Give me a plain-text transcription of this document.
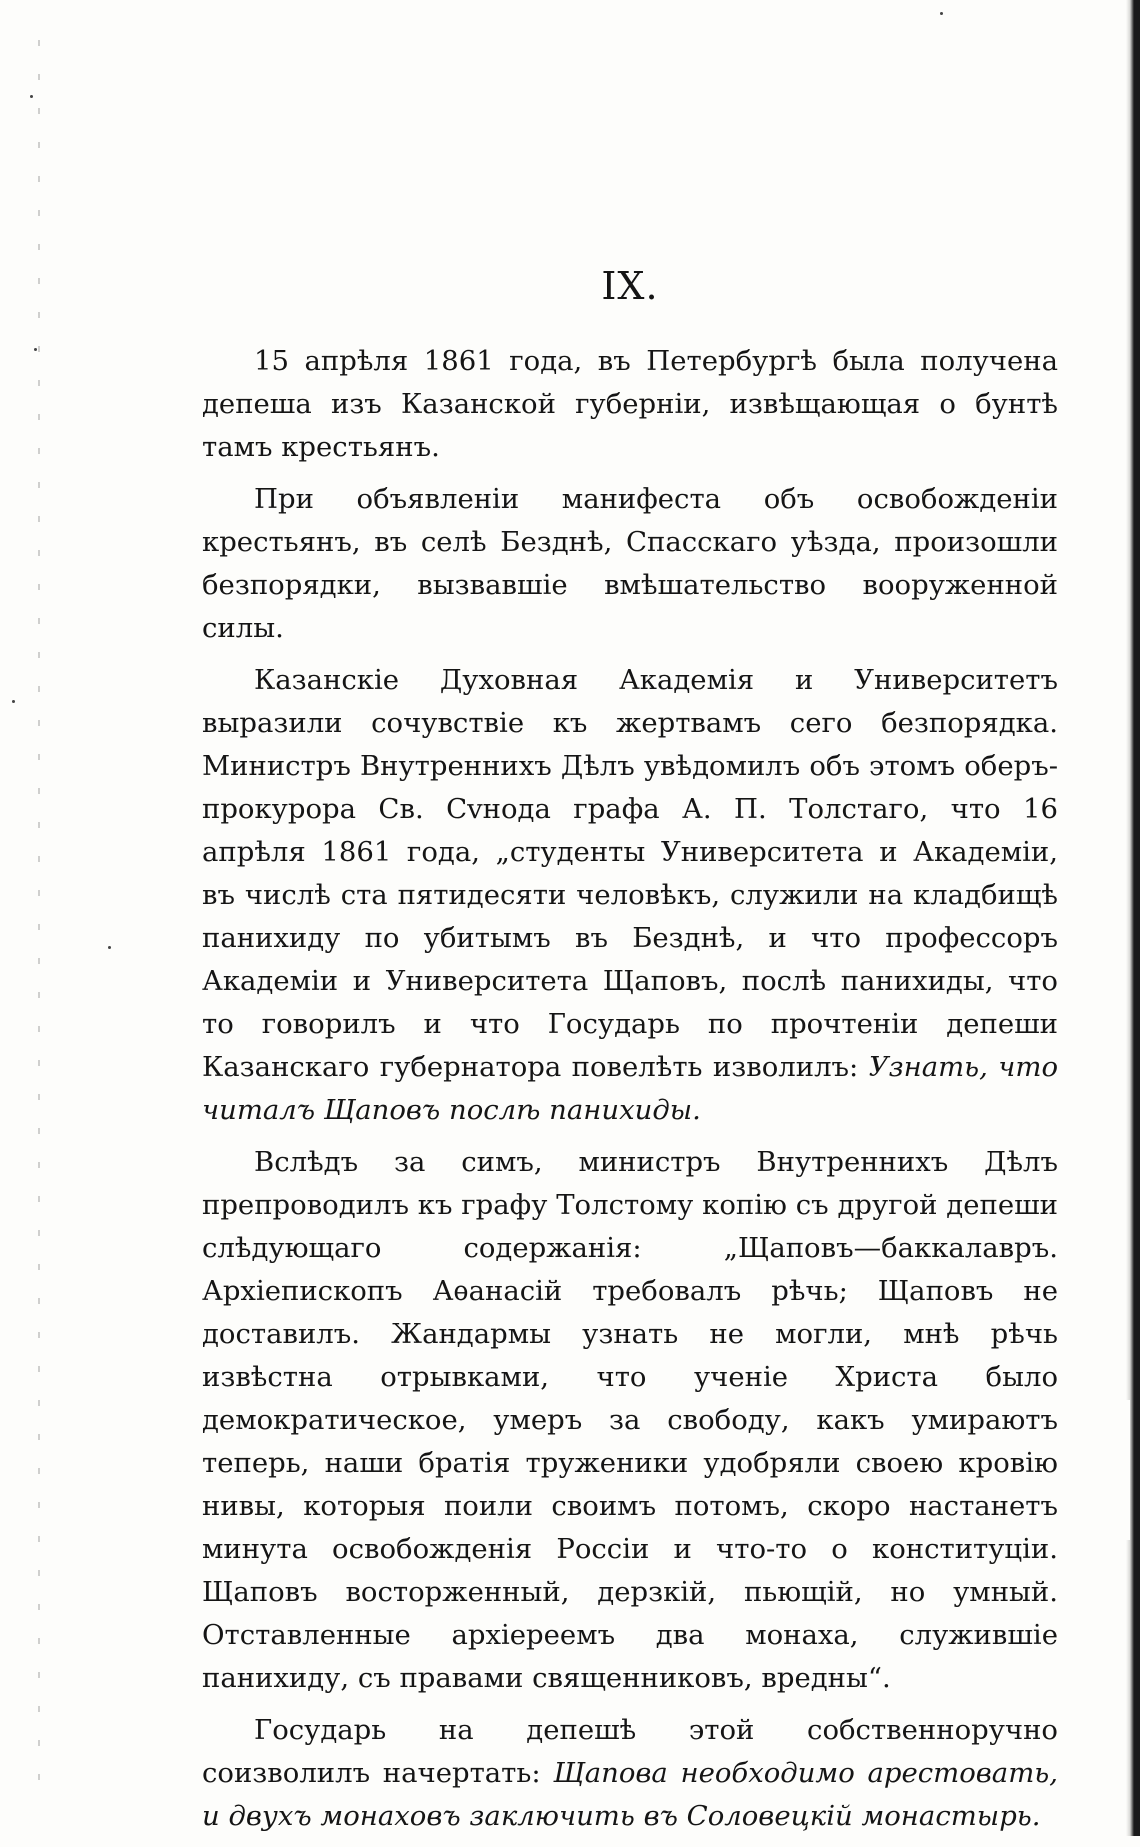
IX.

15 апрѣля 1861 года, въ Петербургѣ была получена депеша изъ Казанской губерніи, извѣщающая о бунтѣ тамъ крестьянъ.

При объявленіи манифеста объ освобожденіи крестьянъ, въ селѣ Безднѣ, Спасскаго уѣзда, произошли безпорядки, вызвавшіе вмѣшательство вооруженной силы.

Казанскіе Духовная Академія и Университетъ выразили сочувствіе къ жертвамъ сего безпорядка. Министръ Внутреннихъ Дѣлъ увѣдомилъ объ этомъ оберъ-прокурора Св. Сvнода графа А. П. Толстаго, что 16 апрѣля 1861 года, „студенты Университета и Академіи, въ числѣ ста пятидесяти человѣкъ, служили на кладбищѣ панихиду по убитымъ въ Безднѣ, и что профессоръ Академіи и Университета Щаповъ, послѣ панихиды, что то говорилъ и что Государь по прочтеніи депеши Казанскаго губернатора повелѣть изволилъ: Узнать, что читалъ Щаповъ послѣ панихиды.

Вслѣдъ за симъ, министръ Внутреннихъ Дѣлъ препроводилъ къ графу Толстому копію съ другой депеши слѣдующаго содержанія: „Щаповъ—баккалавръ. Архіепископъ Аѳанасій требовалъ рѣчь; Щаповъ не доставилъ. Жандармы узнать не могли, мнѣ рѣчь извѣстна отрывками, что ученіе Христа было демократическое, умеръ за свободу, какъ умираютъ теперь, наши братія труженики удобряли своею кровію нивы, которыя поили своимъ потомъ, скоро настанетъ минута освобожденія Россіи и что-то о конституціи. Щаповъ восторженный, дерзкій, пьющій, но умный. Отставленные архіереемъ два монаха, служившіе панихиду, съ правами священниковъ, вредны“.

Государь на депешѣ этой собственноручно соизволилъ начертать: Щапова необходимо арестовать, и двухъ монаховъ заключить въ Соловецкій монастырь.
